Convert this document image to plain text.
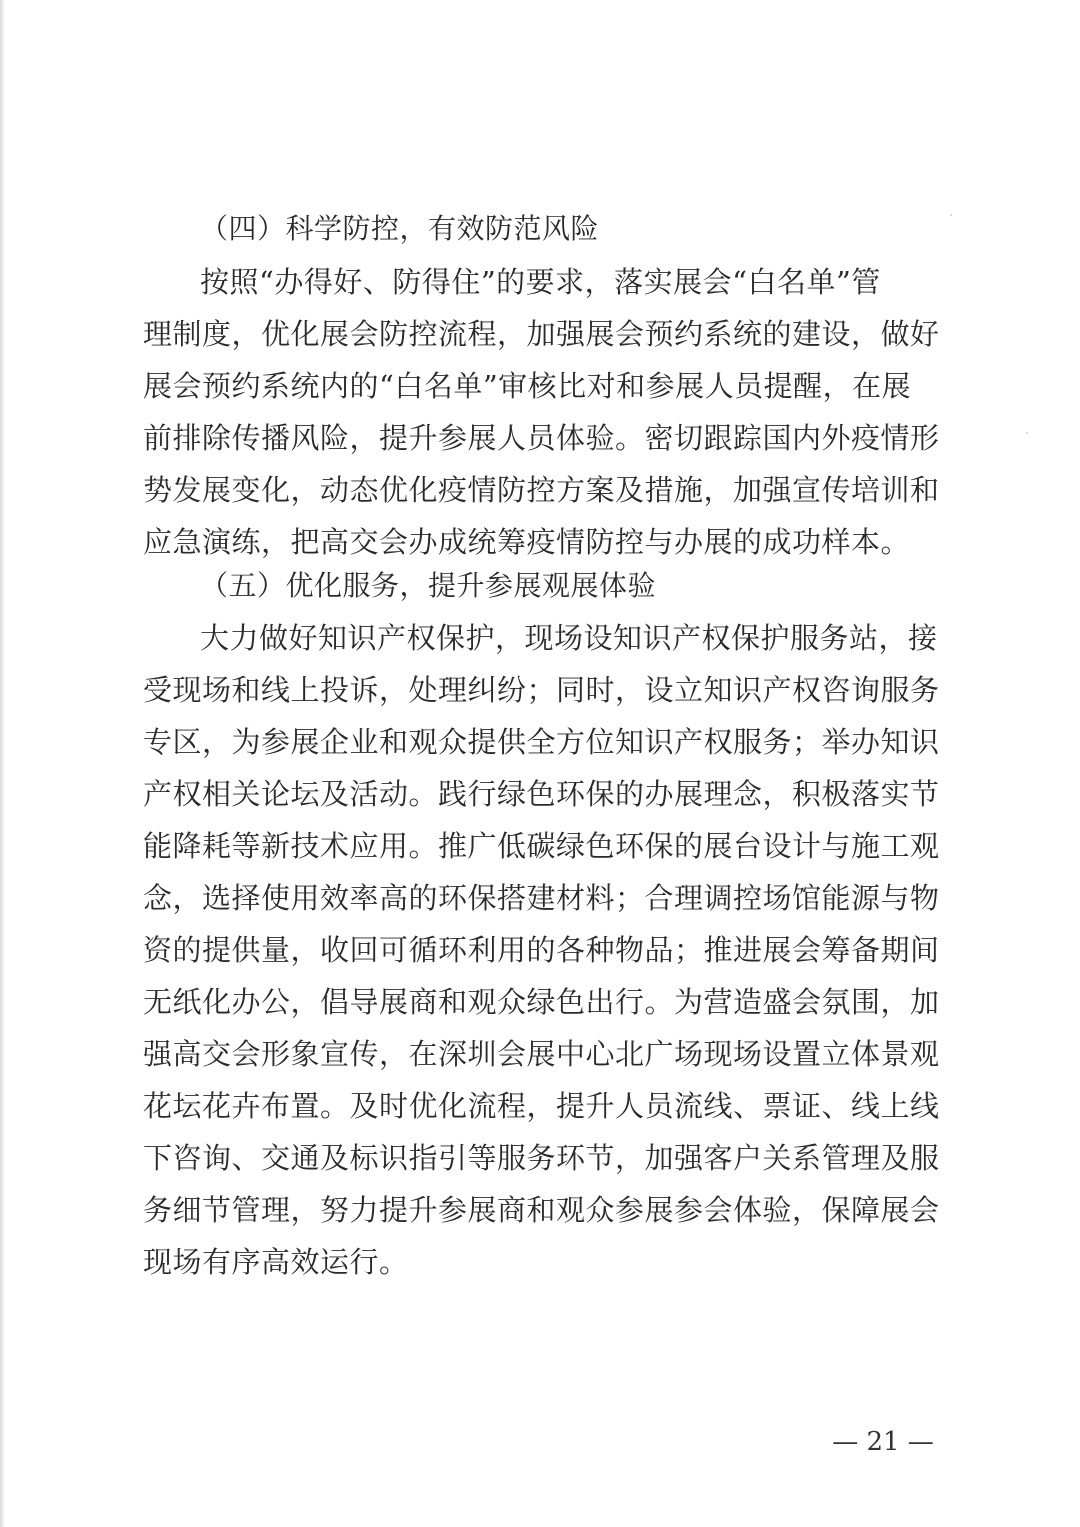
（四）科学防控，有效防范风险
按照“办得好、防得住”的要求，落实展会“白名单”管
理制度，优化展会防控流程，加强展会预约系统的建设，做好
展会预约系统内的“白名单”审核比对和参展人员提醒，在展
前排除传播风险，提升参展人员体验。密切跟踪国内外疫情形
势发展变化，动态优化疫情防控方案及措施，加强宣传培训和
应急演练，把高交会办成统筹疫情防控与办展的成功样本。
（五）优化服务，提升参展观展体验
大力做好知识产权保护，现场设知识产权保护服务站，接
受现场和线上投诉，处理纠纷；同时，设立知识产权咨询服务
专区，为参展企业和观众提供全方位知识产权服务；举办知识
产权相关论坛及活动。践行绿色环保的办展理念，积极落实节
能降耗等新技术应用。推广低碳绿色环保的展台设计与施工观
念，选择使用效率高的环保搭建材料；合理调控场馆能源与物
资的提供量，收回可循环利用的各种物品；推进展会筹备期间
无纸化办公，倡导展商和观众绿色出行。为营造盛会氛围，加
强高交会形象宣传，在深圳会展中心北广场现场设置立体景观
花坛花卉布置。及时优化流程，提升人员流线、票证、线上线
下咨询、交通及标识指引等服务环节，加强客户关系管理及服
务细节管理，努力提升参展商和观众参展参会体验，保障展会
现场有序高效运行。
— 21 —
